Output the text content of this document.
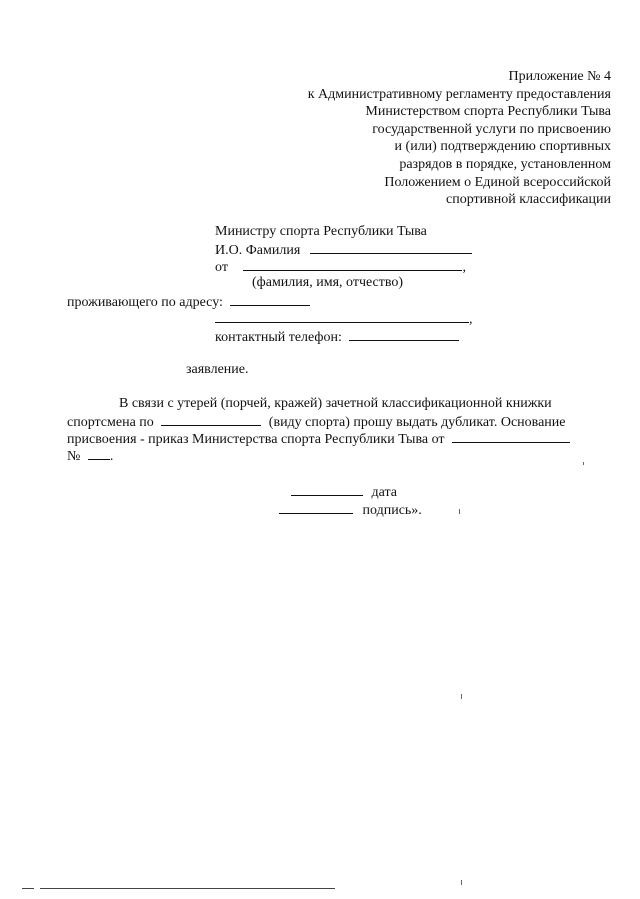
Приложение № 4
к Административному регламенту предоставления
Министерством спорта Республики Тыва
государственной услуги по присвоению
и (или) подтверждению спортивных
разрядов в порядке, установленном
Положением о Единой всероссийской
спортивной классификации
Министру спорта Республики Тыва
И.О. Фамилия
от	,
(фамилия, имя, отчество)
проживающего по адресу:
,
контактный телефон:
заявление.
В связи с утерей (порчей, кражей) зачетной классификационной книжки
спортсмена по	(виду спорта) прошу выдать дубликат. Основание
присвоения - приказ Министерства спорта Республики Тыва от
№ .
дата
подпись».
